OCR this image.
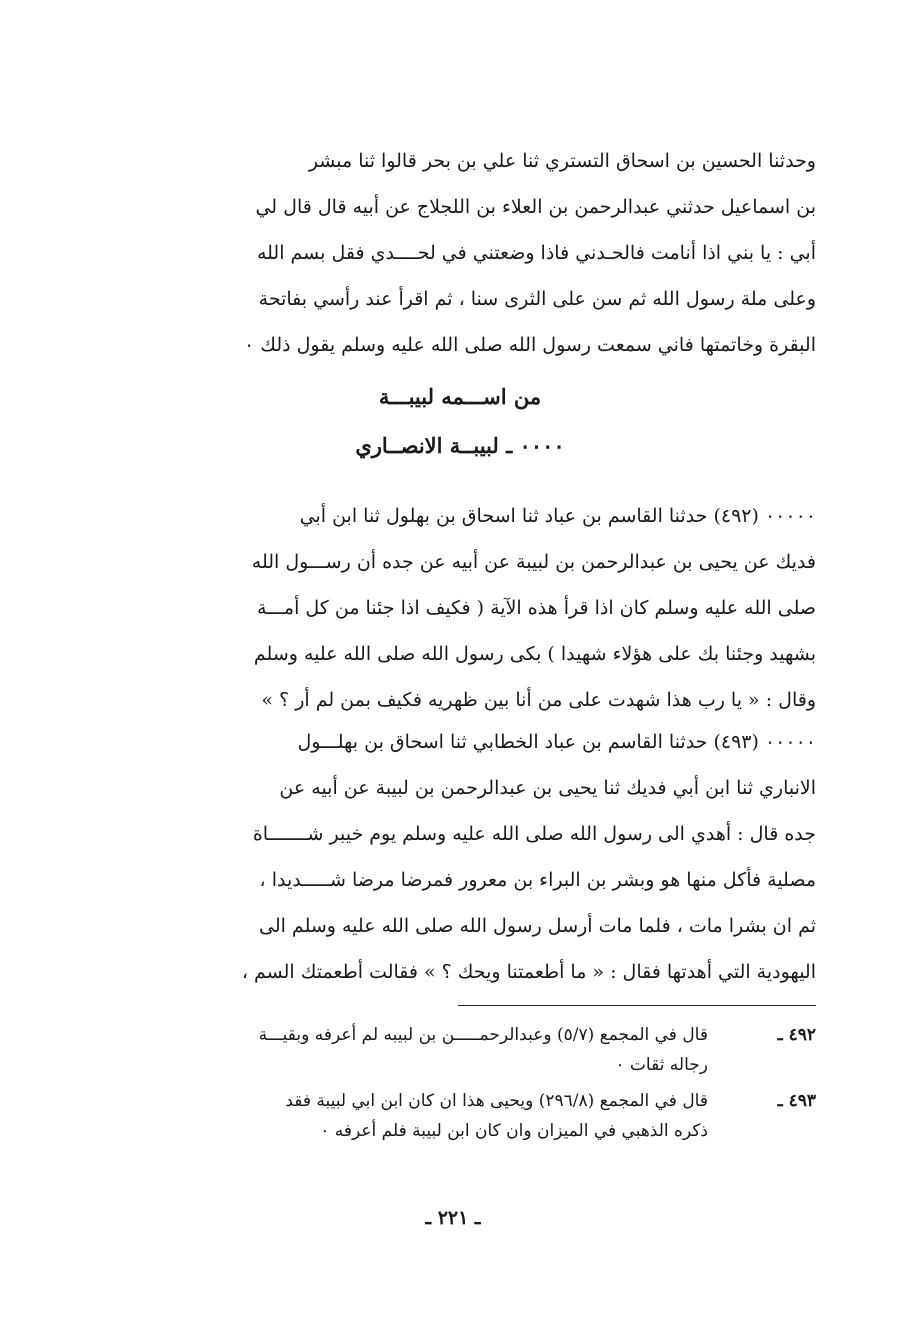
وحدثنا الحسين بن اسحاق التستري ثنا علي بن بحر قالوا ثنا مبشر
بن اسماعيل حدثني عبدالرحمن بن العلاء بن اللجلاج عن أبيه قال قال لي
أبي : يا بني اذا أنامت فالحـدني فاذا وضعتني في لحــــدي فقل بسم الله
وعلى ملة رسول الله ثم سن على الثرى سنا ، ثم اقرأ عند رأسي بفاتحة
البقرة وخاتمتها فاني سمعت رسول الله صلى الله عليه وسلم يقول ذلك ٠
من اســـمه لبيبـــة
٠٠٠٠ ـ لبيبــة الانصــاري
٠٠٠٠٠ (٤٩٢) حدثنا القاسم بن عباد ثنا اسحاق بن بهلول ثنا ابن أبي
فديك عن يحيى بن عبدالرحمن بن لبيبة عن أبيه عن جده أن رســـول الله
صلى الله عليه وسلم كان اذا قرأ هذه الآية ( فكيف اذا جئنا من كل أمـــة
بشهيد وجئنا بك على هؤلاء شهيدا ) بكى رسول الله صلى الله عليه وسلم
وقال : « يا رب هذا شهدت على من أنا بين ظهريه فكيف بمن لم أر ؟ »
٠٠٠٠٠ (٤٩٣) حدثنا القاسم بن عباد الخطابي ثنا اسحاق بن بهلـــول
الانباري ثنا ابن أبي فديك ثنا يحيى بن عبدالرحمن بن لبيبة عن أبيه عن
جده قال : أهدي الى رسول الله صلى الله عليه وسلم يوم خيبر شـــــــاة
مصلية فأكل منها هو وبشر بن البراء بن معرور فمرضا مرضا شـــــديدا ،
ثم ان بشرا مات ، فلما مات أرسل رسول الله صلى الله عليه وسلم الى
اليهودية التي أهدتها فقال : « ما أطعمتنا ويحك ؟ » فقالت أطعمتك السم ،
٤٩٢ ـ
قال في المجمع (٥/٧) وعبدالرحمـــــن بن لبيبه لم أعرفه وبقيـــة
رجاله ثقات ٠
٤٩٣ ـ
قال في المجمع (٢٩٦/٨) ويحيى هذا ان كان ابن ابي لبيبة فقد
ذكره الذهبي في الميزان وان كان ابن لبيبة فلم أعرفه ٠
ـ ٢٢١ ـ
